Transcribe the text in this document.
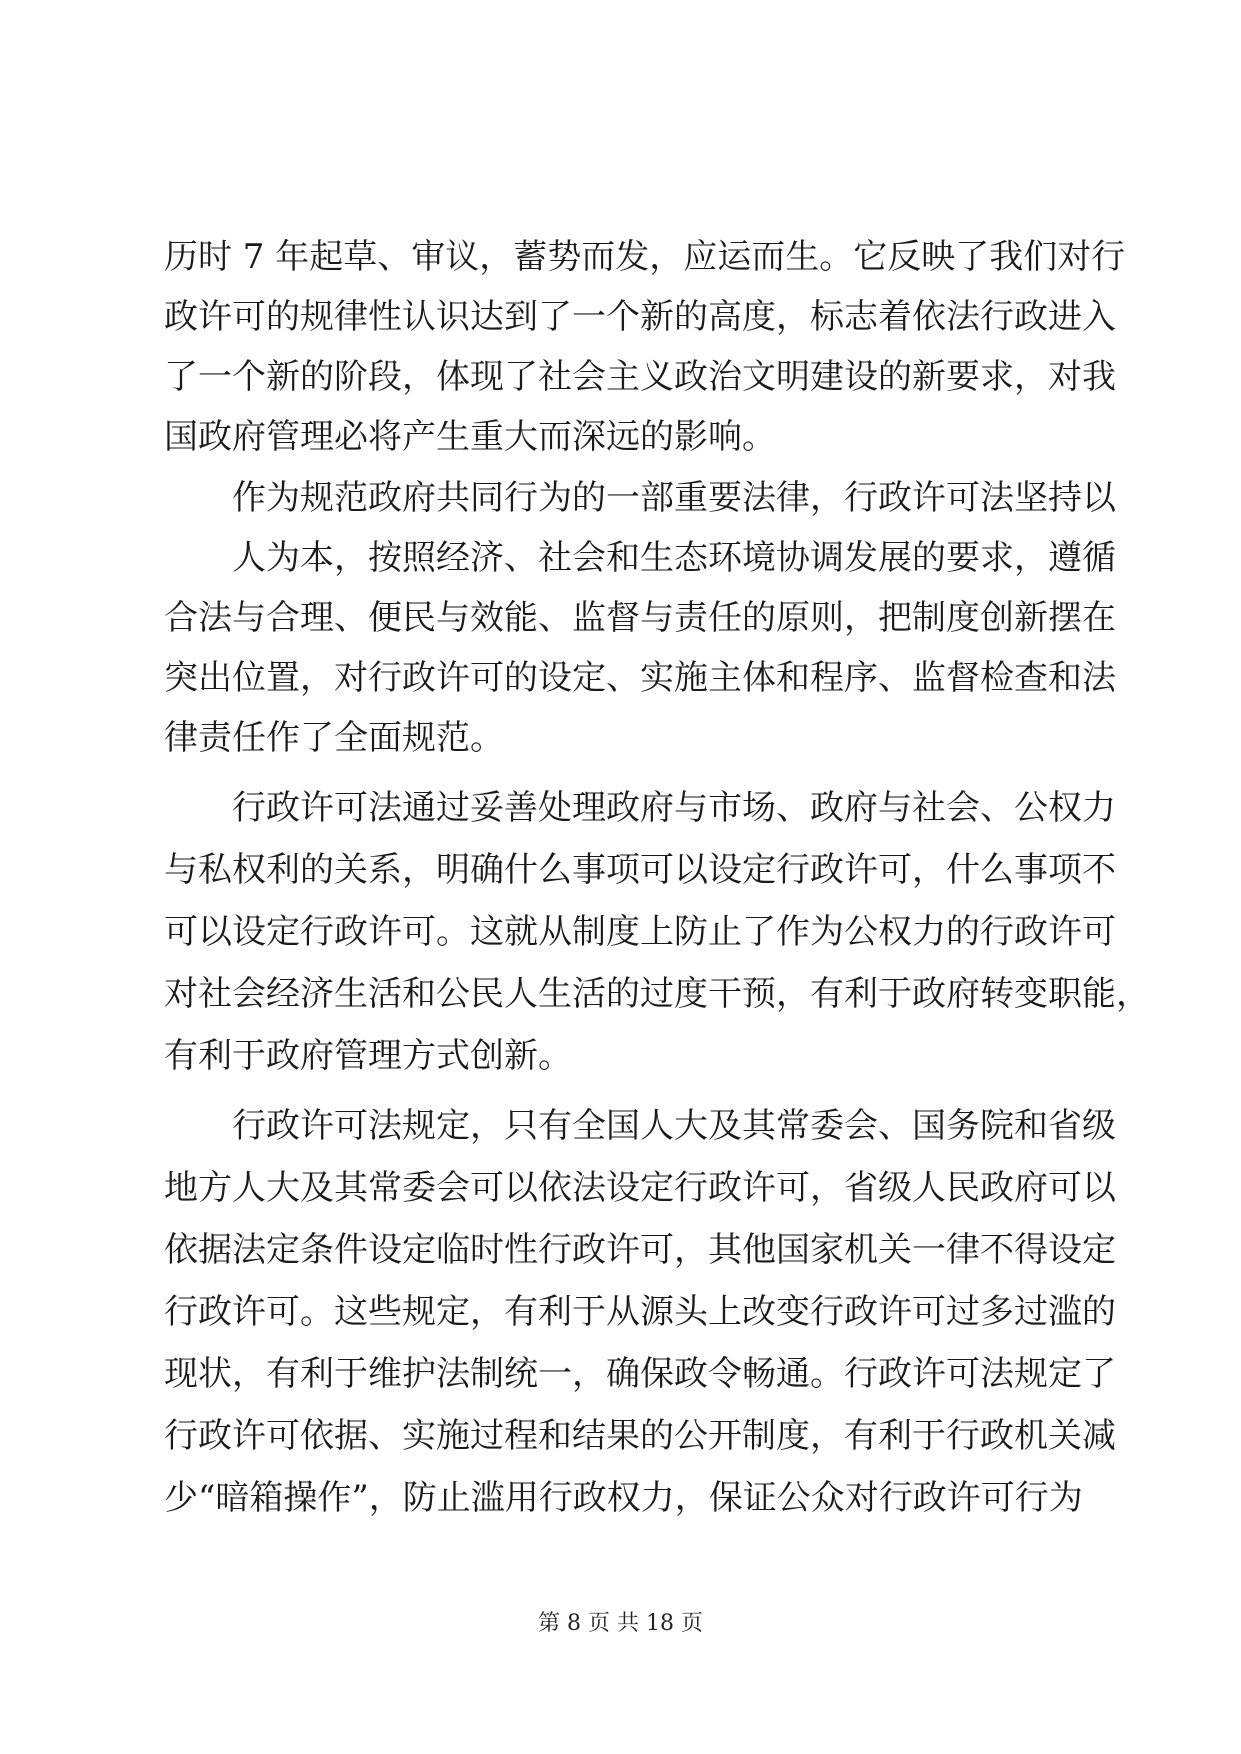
历时 7 年起草、审议，蓄势而发，应运而生。它反映了我们对行
政许可的规律性认识达到了一个新的高度，标志着依法行政进入
了一个新的阶段，体现了社会主义政治文明建设的新要求，对我
国政府管理必将产生重大而深远的影响。
作为规范政府共同行为的一部重要法律，行政许可法坚持以
人为本，按照经济、社会和生态环境协调发展的要求，遵循
合法与合理、便民与效能、监督与责任的原则，把制度创新摆在
突出位置，对行政许可的设定、实施主体和程序、监督检查和法
律责任作了全面规范。
行政许可法通过妥善处理政府与市场、政府与社会、公权力
与私权利的关系，明确什么事项可以设定行政许可，什么事项不
可以设定行政许可。这就从制度上防止了作为公权力的行政许可
对社会经济生活和公民人生活的过度干预，有利于政府转变职能，
有利于政府管理方式创新。
行政许可法规定，只有全国人大及其常委会、国务院和省级
地方人大及其常委会可以依法设定行政许可，省级人民政府可以
依据法定条件设定临时性行政许可，其他国家机关一律不得设定
行政许可。这些规定，有利于从源头上改变行政许可过多过滥的
现状，有利于维护法制统一，确保政令畅通。行政许可法规定了
行政许可依据、实施过程和结果的公开制度，有利于行政机关减
少“暗箱操作”，防止滥用行政权力，保证公众对行政许可行为
第 8 页 共 18 页
